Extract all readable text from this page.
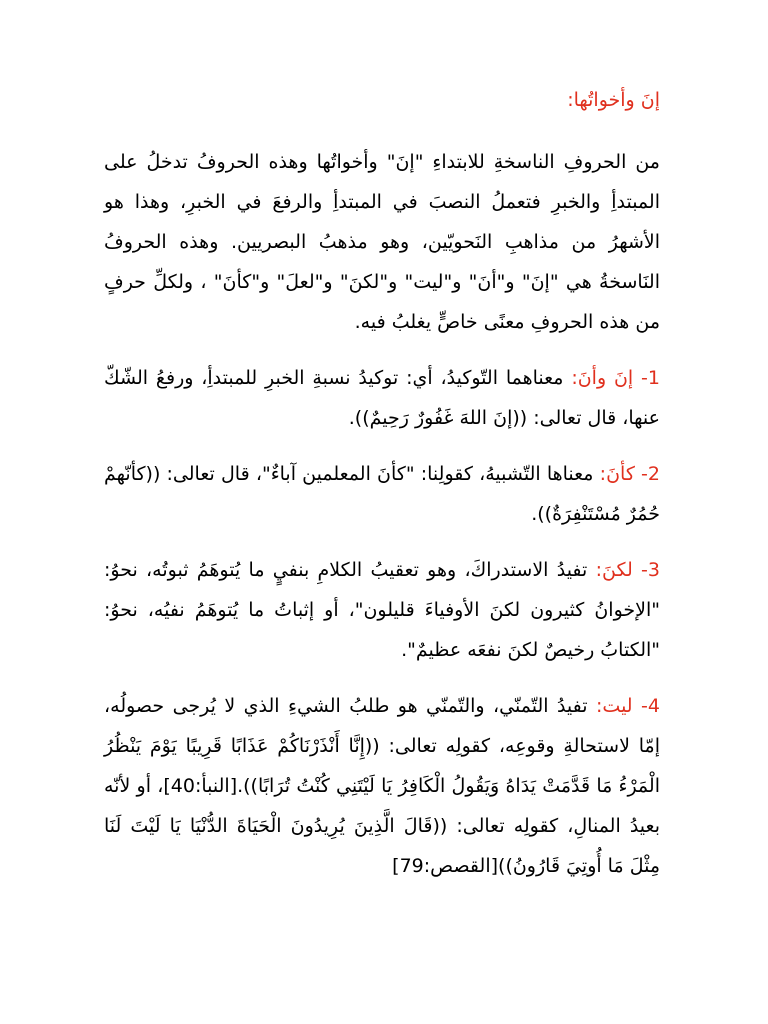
إنَ وأخواتُها:

من الحروفِ الناسخةِ للابتداءِ "إنَ" وأخواتُها وهذه الحروفُ تدخلُ على المبتدأِ والخبرِ فتعملُ النصبَ في المبتدأِ والرفعَ في الخبرِ، وهذا هو الأشهرُ من مذاهبِ النَحويّين، وهو مذهبُ البصريين. وهذه الحروفُ النَاسخةُ هي "إنَ" و"أنَ" و"ليت" و"لكنَ" و"لعلَ" و"كأنَ" ، ولكلِّ حرفٍ من هذه الحروفِ معنًى خاصٍّ يغلبُ فيه.

1- إنَ وأنَ: معناهما التّوكيدُ، أي: توكيدُ نسبةِ الخبرِ للمبتدأِ، ورفعُ الشّكّ عنها، قال تعالى: ((إنَ اللهَ غَفُورٌ رَحِيمٌ)).

2- كأنَ: معناها التّشبيهُ، كقولِنا: "كأنَ المعلمين آباءٌ"، قال تعالى: ((كأنّهمْ حُمُرٌ مُسْتَنْفِرَةٌ)).

3- لكنَ: تفيدُ الاستدراكَ، وهو تعقيبُ الكلامِ بنفيٍ ما يُتوهَمُ ثبوتُه، نحوُ: "الإخوانُ كثيرون لكنَ الأوفياءَ قليلون"، أو إثباتُ ما يُتوهَمُ نفيُه، نحوُ: "الكتابُ رخيصٌ لكنَ نفعَه عظيمٌ".

4- ليت: تفيدُ التّمنّي، والتّمنّي هو طلبُ الشيءِ الذي لا يُرجى حصولُه، إمّا لاستحالةِ وقوعِه، كقولِه تعالى: ((إِنَّا أَنْذَرْنَاكُمْ عَذَابًا قَرِيبًا يَوْمَ يَنْظُرُ الْمَرْءُ مَا قَدَّمَتْ يَدَاهُ وَيَقُولُ الْكَافِرُ يَا لَيْتَنِي كُنْتُ تُرَابًا)).[النبأ:40]، أو لأنّه بعيدُ المنالِ، كقولِه تعالى: ((قَالَ الَّذِينَ يُرِيدُونَ الْحَيَاةَ الدُّنْيَا يَا لَيْتَ لَنَا مِثْلَ مَا أُوتِيَ قَارُونُ))[القصص:79]
